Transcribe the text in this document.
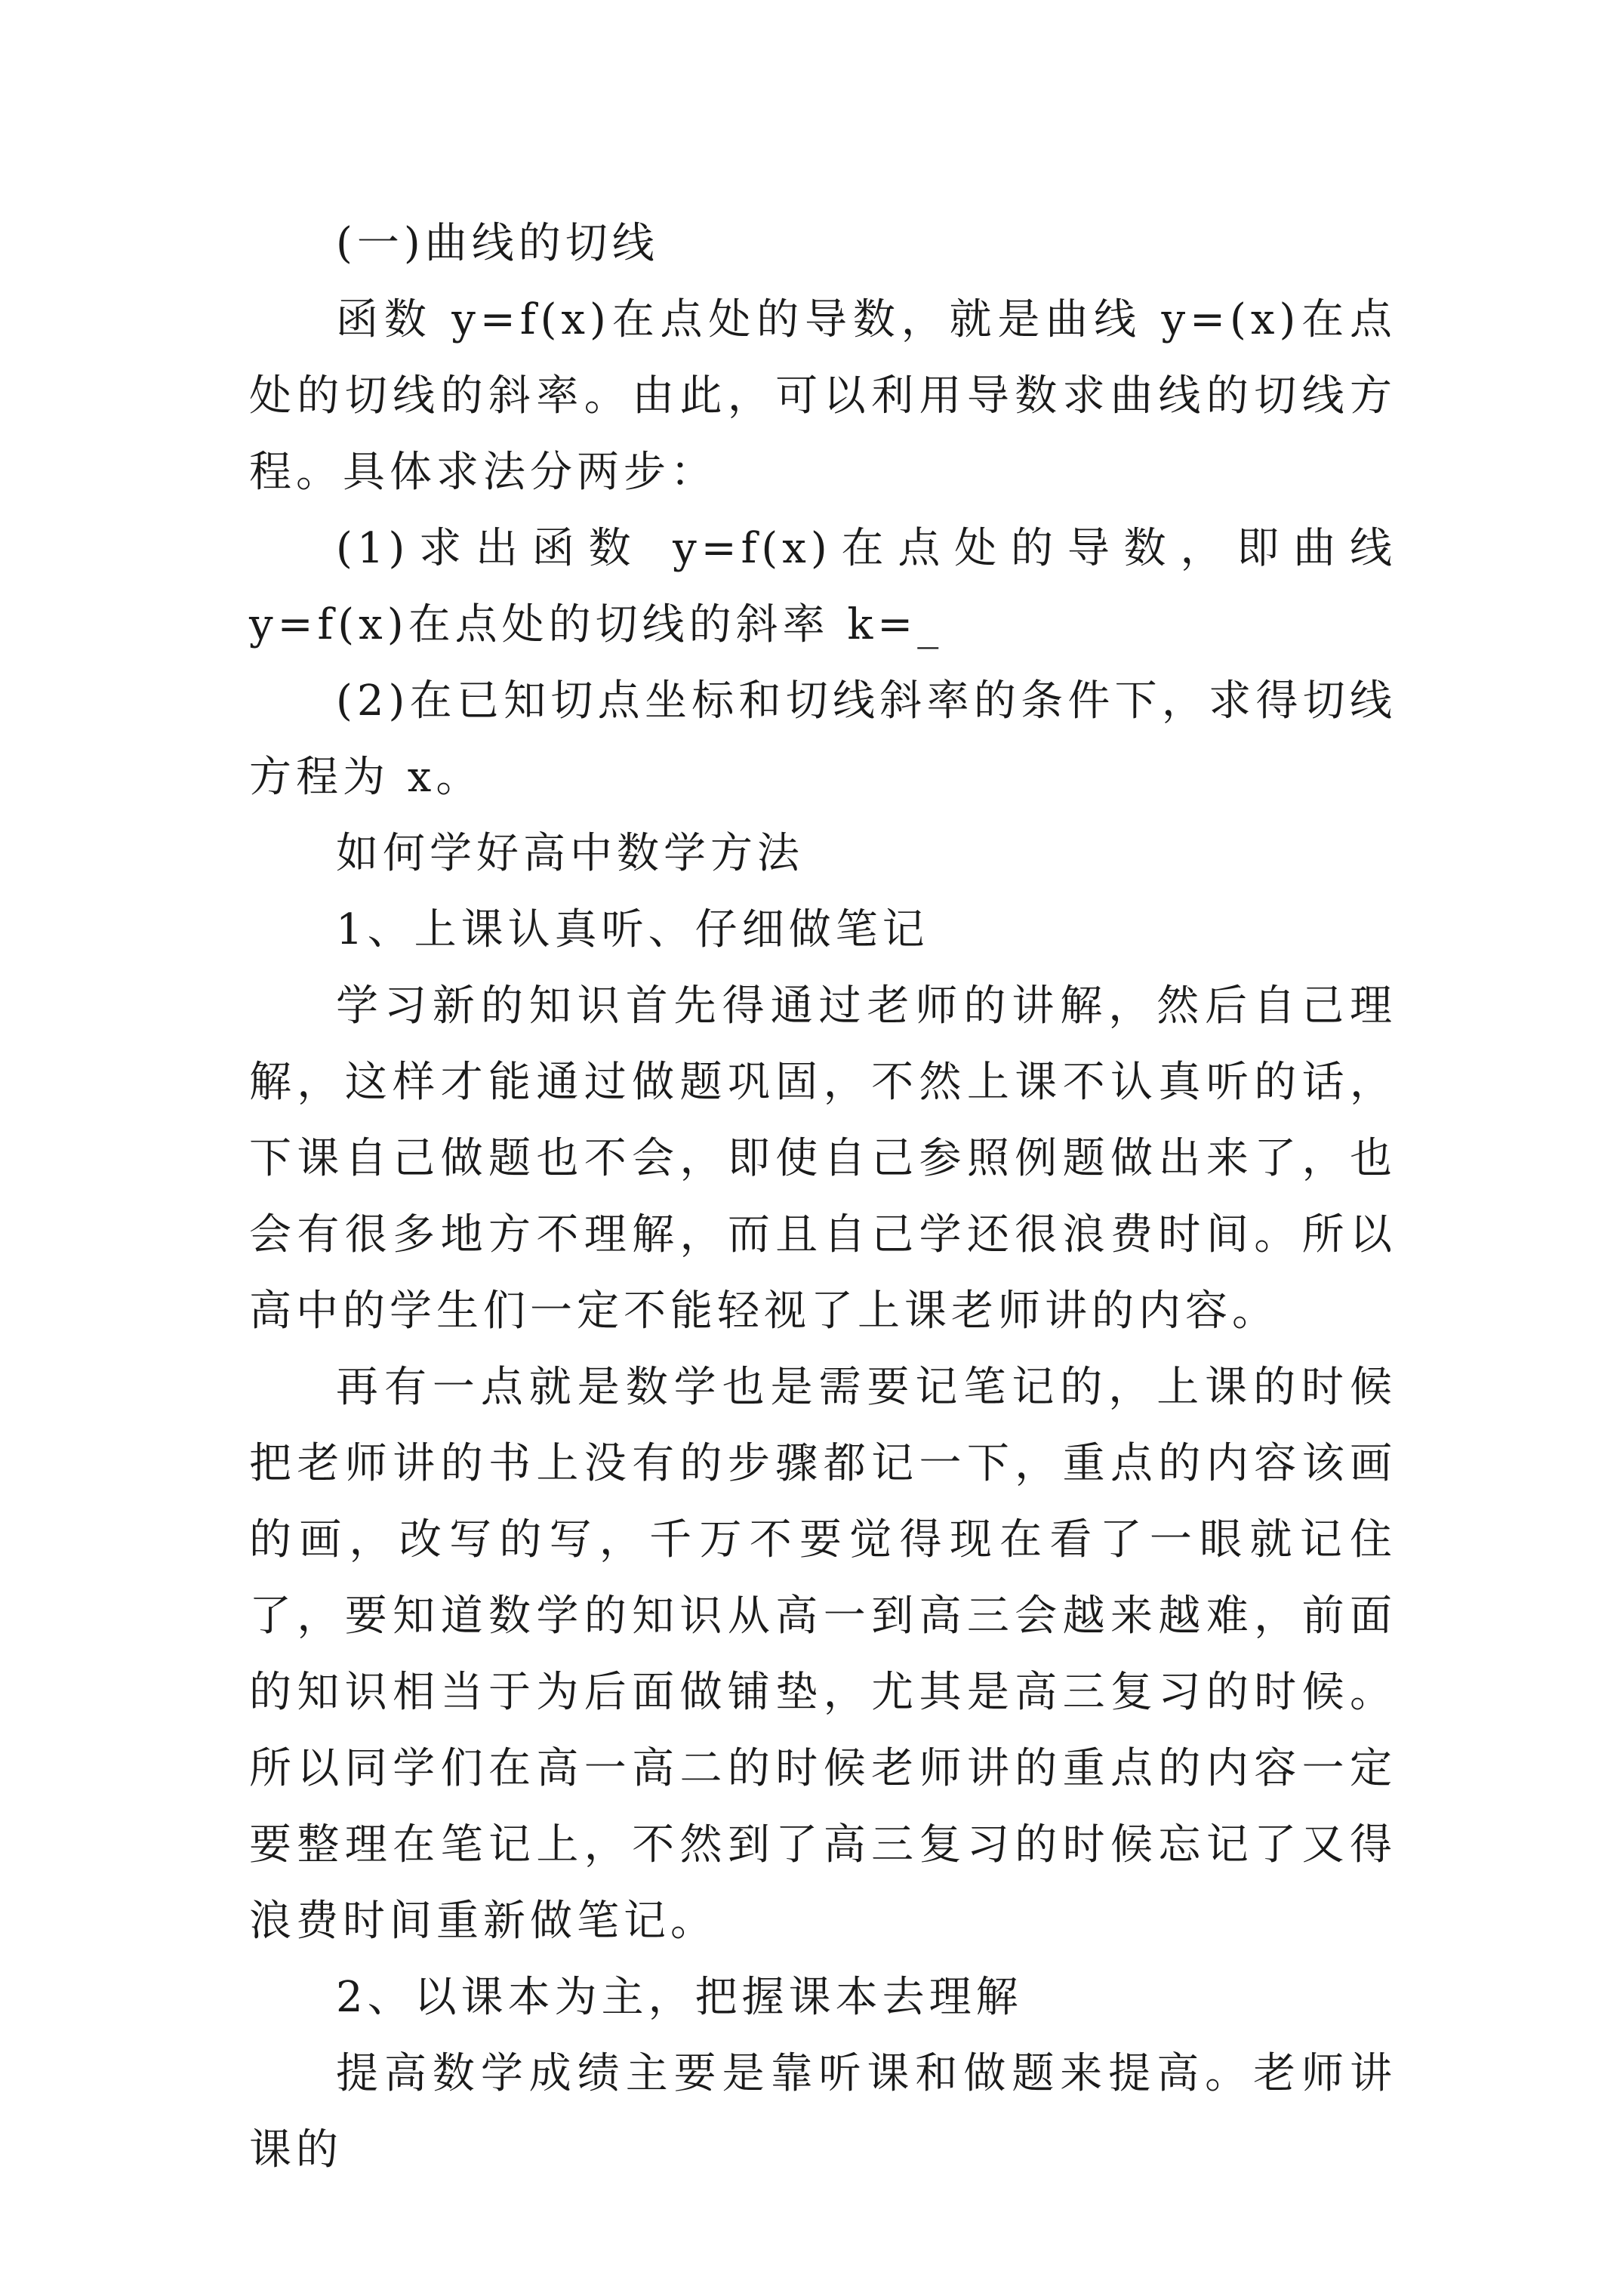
(一)曲线的切线

函数 y=f(x)在点处的导数，就是曲线 y=(x)在点处的切线的斜率。由此，可以利用导数求曲线的切线方程。具体求法分两步：

(1)求出函数 y=f(x)在点处的导数，即曲线 y=f(x)在点处的切线的斜率 k=_

(2)在已知切点坐标和切线斜率的条件下，求得切线方程为 x。

如何学好高中数学方法

1、上课认真听、仔细做笔记

学习新的知识首先得通过老师的讲解，然后自己理解，这样才能通过做题巩固，不然上课不认真听的话，下课自己做题也不会，即使自己参照例题做出来了，也会有很多地方不理解，而且自己学还很浪费时间。所以高中的学生们一定不能轻视了上课老师讲的内容。

再有一点就是数学也是需要记笔记的，上课的时候把老师讲的书上没有的步骤都记一下，重点的内容该画的画，改写的写，千万不要觉得现在看了一眼就记住了，要知道数学的知识从高一到高三会越来越难，前面的知识相当于为后面做铺垫，尤其是高三复习的时候。所以同学们在高一高二的时候老师讲的重点的内容一定要整理在笔记上，不然到了高三复习的时候忘记了又得浪费时间重新做笔记。

2、以课本为主，把握课本去理解

提高数学成绩主要是靠听课和做题来提高。老师讲课的
